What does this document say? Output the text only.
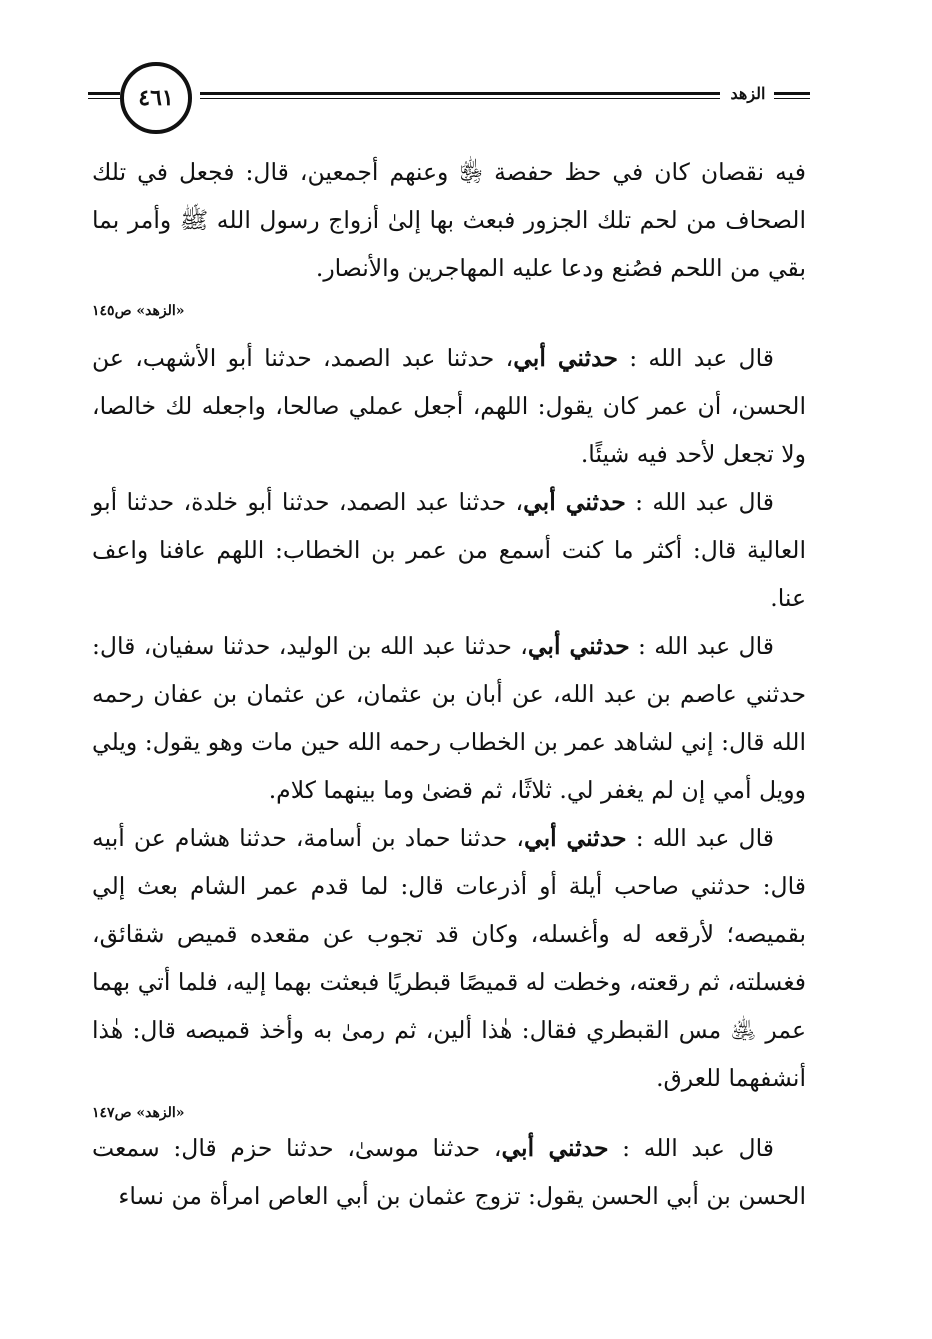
٤٦١	الزهد

فيه نقصان كان في حظ حفصة ﵂ وعنهم أجمعين، قال: فجعل في تلك الصحاف من لحم تلك الجزور فبعث بها إلىٰ أزواج رسول الله ﷺ وأمر بما بقي من اللحم فصُنع ودعا عليه المهاجرين والأنصار.

«الزهد» ص١٤٥

قال عبد الله : حدثني أبي، حدثنا عبد الصمد، حدثنا أبو الأشهب، عن الحسن، أن عمر كان يقول: اللهم، أجعل عملي صالحا، واجعله لك خالصا، ولا تجعل لأحد فيه شيئًا.

قال عبد الله : حدثني أبي، حدثنا عبد الصمد، حدثنا أبو خلدة، حدثنا أبو العالية قال: أكثر ما كنت أسمع من عمر بن الخطاب: اللهم عافنا واعف عنا.

قال عبد الله : حدثني أبي، حدثنا عبد الله بن الوليد، حدثنا سفيان، قال: حدثني عاصم بن عبد الله، عن أبان بن عثمان، عن عثمان بن عفان رحمه الله قال: إني لشاهد عمر بن الخطاب رحمه الله حين مات وهو يقول: ويلي وويل أمي إن لم يغفر لي. ثلاثًا، ثم قضىٰ وما بينهما كلام.

قال عبد الله : حدثني أبي، حدثنا حماد بن أسامة، حدثنا هشام عن أبيه قال: حدثني صاحب أيلة أو أذرعات قال: لما قدم عمر الشام بعث إلي بقميصه؛ لأرقعه له وأغسله، وكان قد تجوب عن مقعده قميص شقائق، فغسلته، ثم رقعته، وخطت له قميصًا قبطريًا فبعثت بهما إليه، فلما أتي بهما عمر ﵁ مس القبطري فقال: هٰذا ألين، ثم رمىٰ به وأخذ قميصه قال: هٰذا أنشفهما للعرق.

«الزهد» ص١٤٧

قال عبد الله : حدثني أبي، حدثنا موسىٰ، حدثنا حزم قال: سمعت الحسن بن أبي الحسن يقول: تزوج عثمان بن أبي العاص امرأة من نساء
